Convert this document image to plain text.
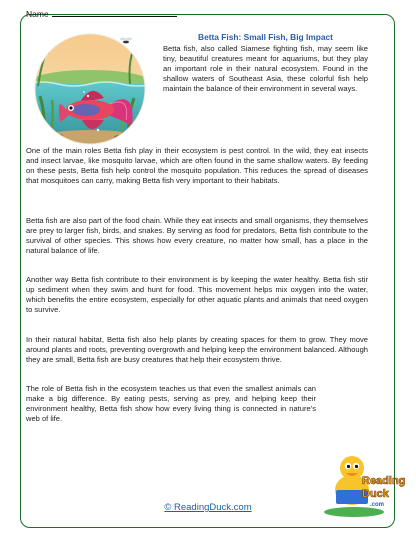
Name
Betta Fish: Small Fish, Big Impact

Betta fish, also called Siamese fighting fish, may seem like tiny, beautiful creatures meant for aquariums, but they play an important role in their natural ecosystem. Found in the shallow waters of Southeast Asia, these colorful fish help maintain the balance of their environment in several ways.

One of the main roles Betta fish play in their ecosystem is pest control. In the wild, they eat insects and insect larvae, like mosquito larvae, which are often found in the same shallow waters. By feeding on these pests, Betta fish help control the mosquito population. This reduces the spread of diseases that mosquitoes can carry, making Betta fish very important to their habitats.

Betta fish are also part of the food chain. While they eat insects and small organisms, they themselves are prey to larger fish, birds, and snakes. By serving as food for predators, Betta fish contribute to the survival of other species. This shows how every creature, no matter how small, has a place in the natural balance of life.

Another way Betta fish contribute to their environment is by keeping the water healthy. Betta fish stir up sediment when they swim and hunt for food. This movement helps mix oxygen into the water, which benefits the entire ecosystem, especially for other aquatic plants and animals that need oxygen to survive.

In their natural habitat, Betta fish also help plants by creating spaces for them to grow. They move around plants and roots, preventing overgrowth and helping keep the environment balanced. Although they are small, Betta fish are busy creatures that help their ecosystem thrive.

The role of Betta fish in the ecosystem teaches us that even the smallest animals can make a big difference. By eating pests, serving as prey, and helping keep their environment healthy, Betta fish show how every living thing is connected in nature’s web of life.

© ReadingDuck.com
Reading
Duck
.com
